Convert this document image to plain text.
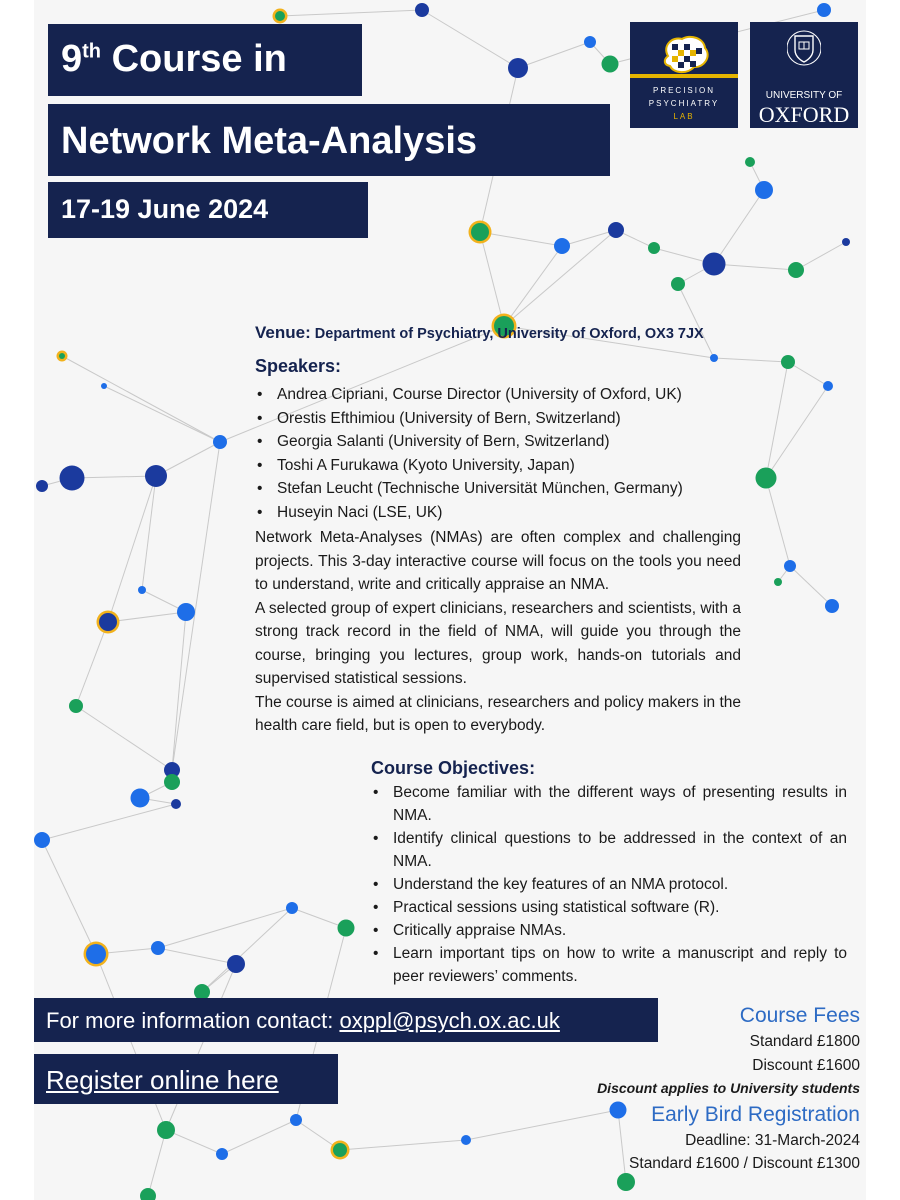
9th Course in
Network Meta-Analysis
17-19 June 2024
PRECISION
PSYCHIATRY
LAB
UNIVERSITY OF
OXFORD
Venue: Department of Psychiatry, University of Oxford, OX3 7JX
Speakers:
• Andrea Cipriani, Course Director (University of Oxford, UK)
• Orestis Efthimiou (University of Bern, Switzerland)
• Georgia Salanti (University of Bern, Switzerland)
• Toshi A Furukawa (Kyoto University, Japan)
• Stefan Leucht (Technische Universität München, Germany)
• Huseyin Naci (LSE, UK)

Network Meta-Analyses (NMAs) are often complex and challenging projects. This 3-day interactive course will focus on the tools you need to understand, write and critically appraise an NMA.

A selected group of expert clinicians, researchers and scientists, with a strong track record in the field of NMA, will guide you through the course, bringing you lectures, group work, hands-on tutorials and supervised statistical sessions.

The course is aimed at clinicians, researchers and policy makers in the health care field, but is open to everybody.

Course Objectives:
• Become familiar with the different ways of presenting results in NMA.
• Identify clinical questions to be addressed in the context of an NMA.
• Understand the key features of an NMA protocol.
• Practical sessions using statistical software (R).
• Critically appraise NMAs.
• Learn important tips on how to write a manuscript and reply to peer reviewers’ comments.
For more information contact: oxppl@psych.ox.ac.uk
Register online here
Course Fees
Standard £1800
Discount £1600
Discount applies to University students
Early Bird Registration
Deadline: 31-March-2024
Standard £1600 / Discount £1300
